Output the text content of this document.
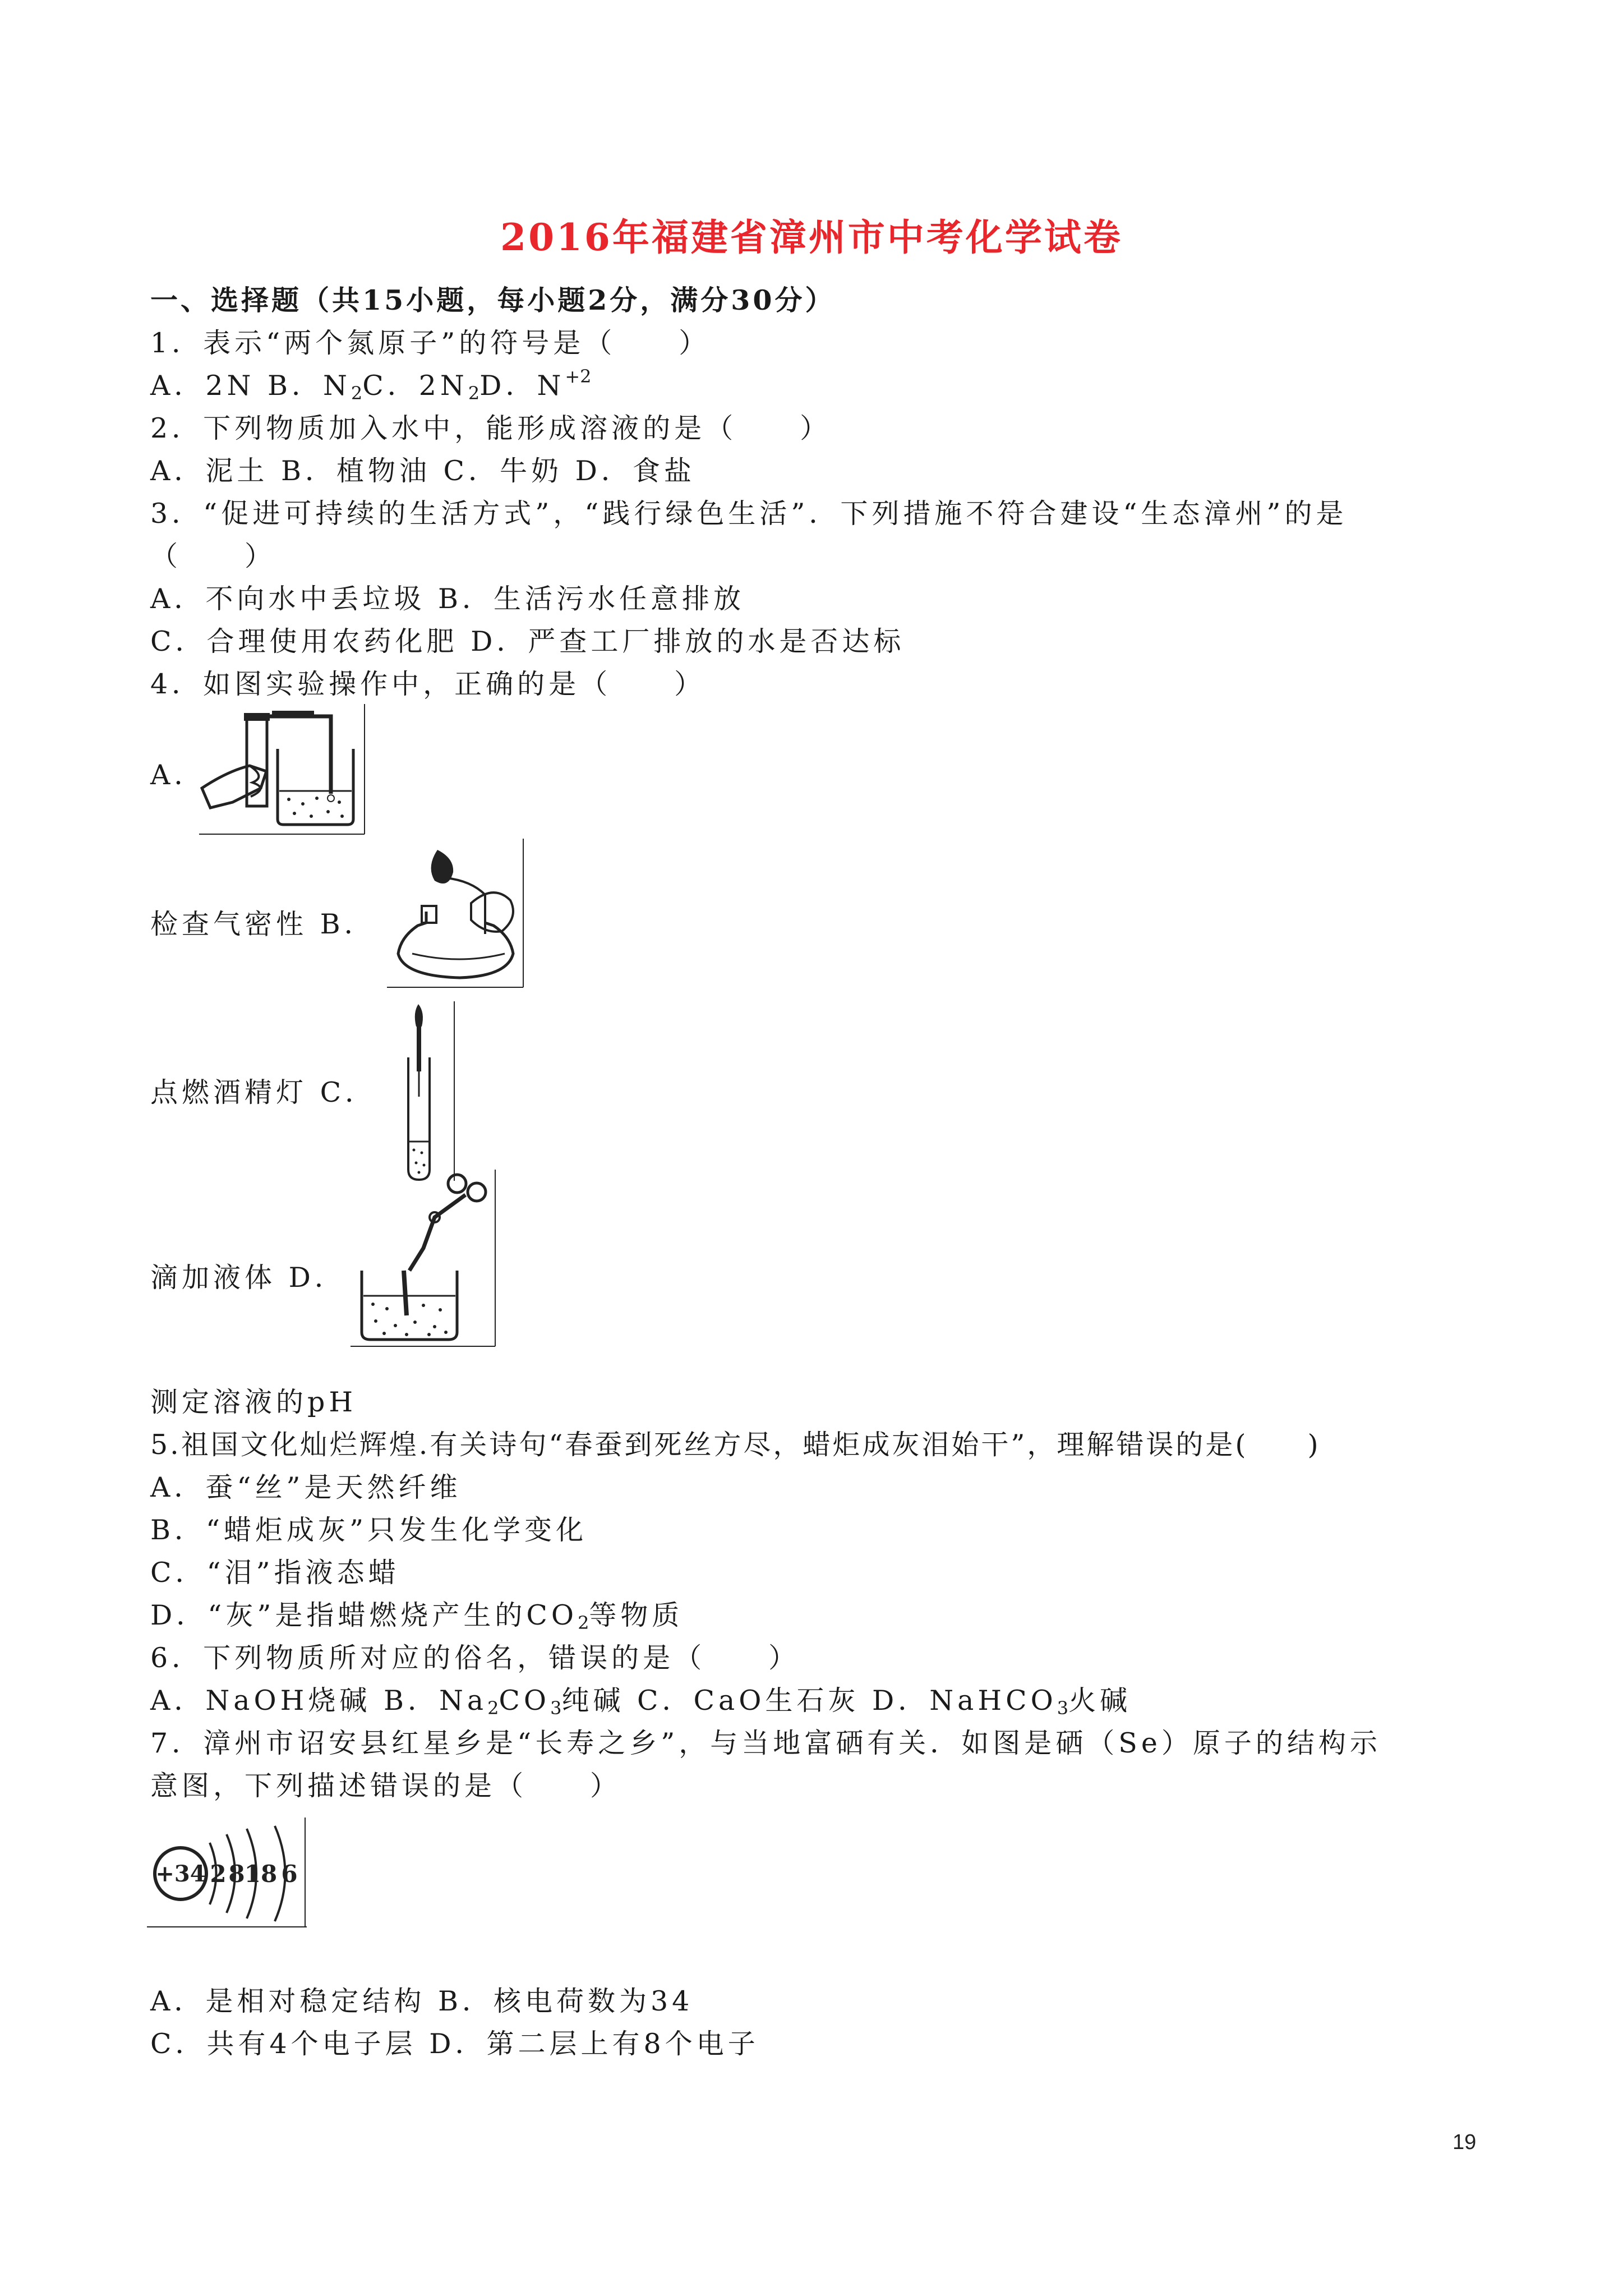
2016年福建省漳州市中考化学试卷
一、选择题（共15小题，每小题2分，满分30分）
1．表示“两个氮原子”的符号是（　　）
A．2N B．$N_2C$．$2N_2D$．$N^{+2}$
2．下列物质加入水中，能形成溶液的是（　　）
A．泥土 B．植物油 C．牛奶 D．食盐
3．“促进可持续的生活方式”，“践行绿色生活”．下列措施不符合建设“生态漳州”的是
（　　）
A．不向水中丢垃圾 B．生活污水任意排放
C．合理使用农药化肥 D．严查工厂排放的水是否达标
4．如图实验操作中，正确的是（　　）
A．
检查气密性 B．
点燃酒精灯 C．
滴加液体 D．
测定溶液的pH
5.祖国文化灿烂辉煌.有关诗句“春蚕到死丝方尽，蜡炬成灰泪始干”，理解错误的是(　　)
A．蚕“丝”是天然纤维
B．“蜡炬成灰”只发生化学变化
C．“泪”指液态蜡
D．“灰”是指蜡燃烧产生的$CO_2$等物质
6．下列物质所对应的俗名，错误的是（　　）
A．NaOH烧碱 B．$Na_2CO_3$纯碱 C．CaO生石灰 D．NaHCO$_3$火碱
7．漳州市诏安县红星乡是“长寿之乡”，与当地富硒有关．如图是硒（Se）原子的结构示
意图，下列描述错误的是（　　）
+34 2 8 18 6
A．是相对稳定结构 B．核电荷数为34
C．共有4个电子层 D．第二层上有8个电子
19
